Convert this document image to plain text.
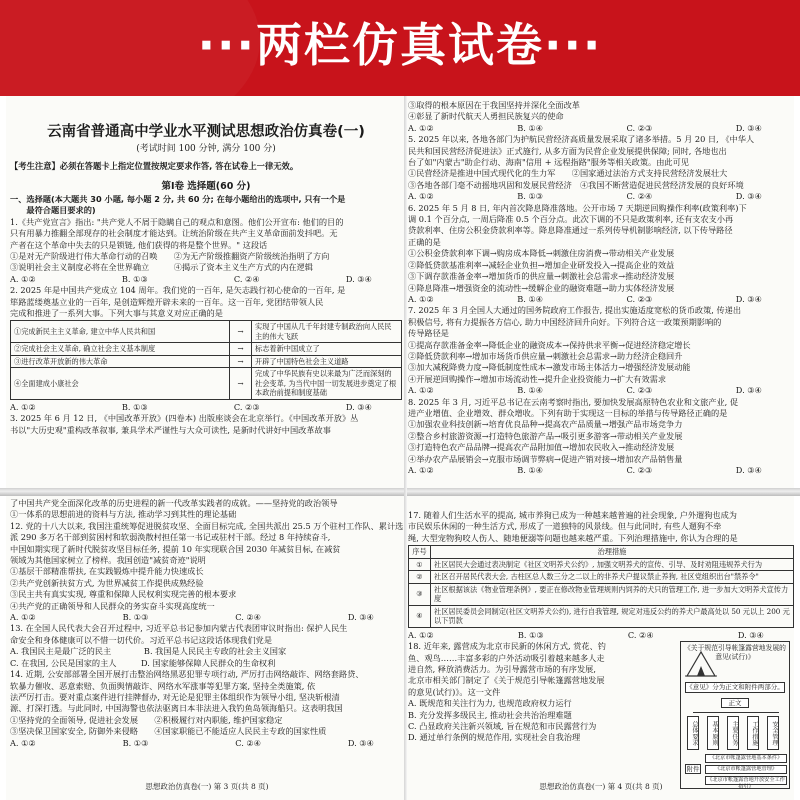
···两栏仿真试卷···
云南省普通高中学业水平测试思想政治仿真卷(一)
(考试时间 100 分钟, 满分 100 分)
【考生注意】必须在答题卡上指定位置按规定要求作答, 答在试卷上一律无效。
第Ⅰ卷 选择题(60 分)
一、选择题(本大题共 30 小题, 每小题 2 分, 共 60 分; 在每小题给出的选项中, 只有一个是
　　最符合题目要求的)
1.《共产党宣言》指出: "共产党人不屑于隐瞒自己的观点和意图。他们公开宣布: 他们的目的
只有用暴力推翻全部现存的社会制度才能达到。让统治阶级在共产主义革命面前发抖吧。无
产者在这个革命中失去的只是锁链, 他们获得的将是整个世界。" 这段话
①是对无产阶级进行伟大革命行动的召唤　　②为无产阶级推翻资产阶级统治指明了方向
③说明社会主义制度必将在全世界确立　　　④揭示了资本主义生产方式的内在逻辑
A. ①②	B. ①③	C. ②④	D. ③④
2. 2025 年是中国共产党成立 104 周年。我们党的一百年, 是矢志践行初心使命的一百年, 是
筚路蓝缕奠基立业的一百年, 是创造辉煌开辟未来的一百年。这一百年, 党团结带领人民
完成和推进了一系列大事。下列大事与其意义对应正确的是
①完成新民主主义革命, 建立中华人民共和国	→	实现了中国从几千年封建专制政治向人民民主的伟大飞跃
②完成社会主义革命, 确立社会主义基本制度	→	标志着新中国成立了
③进行改革开放新的伟大革命	→	开辟了中国特色社会主义道路
④全面建成小康社会	→	完成了中华民族有史以来最为广泛而深刻的社会变革, 为当代中国一切发展进步奠定了根本政治前提和制度基础
A. ①②	B. ①③	C. ②③	D. ③④
3. 2025 年 6 月 12 日, 《中国改革开放》(四卷本) 出版座谈会在北京举行。《中国改革开放》丛
书以"大历史观"重构改革叙事, 兼具学术严谨性与大众可读性, 是新时代讲好中国改革故事
③取得的根本原因在于我国坚持并深化全面改革
④彰显了新时代航天人勇担民族复兴的使命
A. ①②	B. ①④	C. ②③	D. ③④
5. 2025 年以来, 各地各部门为护航民营经济高质量发展采取了诸多举措。5 月 20 日, 《中华人
民共和国民营经济促进法》正式施行, 从多方面为民营企业发展提供保障; 同时, 各地也出
台了如"内蒙古"助企行动、海南"信用 + 远程指路"服务等相关政策。由此可见
①民营经济是推进中国式现代化的生力军　　②国家通过法治方式支持民营经济发展壮大
③各地各部门毫不动摇地巩固和发展民营经济　④我国不断营造促进民营经济发展的良好环境
A. ①②	B. ①③	C. ②④	D. ③④
6. 2025 年 5 月 8 日, 年内首次降息降准落地。公开市场 7 天期逆回购操作利率(政策利率)下
调 0.1 个百分点, 一周后降准 0.5 个百分点。此次下调的不只是政策利率, 还有支农支小再
贷款利率、住房公积金贷款利率等。降息降准通过一系列传导机制影响经济, 以下传导路径
正确的是
①公积金贷款利率下调→购房成本降低→刺激住房消费→带动相关产业发展
②降低贷款基准利率→减轻企业负担→增加企业研发投入→提高企业的效益
③下调存款准备金率→增加货币的供应量→刺激社会总需求→推动经济发展
④降息降准→增强资金的流动性→缓解企业的融资难题→助力实体经济发展
A. ①②	B. ①④	C. ②③	D. ③④
7. 2025 年 3 月全国人大通过的国务院政府工作报告, 提出实施适度宽松的货币政策, 传递出
积极信号, 将有力提振各方信心, 助力中国经济回升向好。下列符合这一政策预期影响的
传导路径是
①提高存款准备金率→降低企业的融资成本→保持供求平衡→促进经济稳定增长
②降低贷款利率→增加市场货币供应量→刺激社会总需求→助力经济企稳回升
③加大减税降费力度→降低制度性成本→激发市场主体活力→增强经济发展动能
④开展逆回购操作→增加市场流动性→提升企业投资能力→扩大有效需求
A. ①②	B. ①④	C. ②③	D. ③④
8. 2025 年 3 月, 习近平总书记在云南考察时指出, 要加快发展高原特色农业和文旅产业, 促
进产业增值、企业增效、群众增收。下列有助于实现这一目标的举措与传导路径正确的是
①加强农业科技创新→培育优良品种→提高农产品质量→增强产品市场竞争力
②整合乡村旅游资源→打造特色旅游产品→吸引更多游客→带动相关产业发展
③打造特色农产品品牌→提高农产品附加值→增加农民收入→推动经济发展
④举办农产品展销会→克服市场调节弊病→促进产销对接→增加农产品销售量
A. ①②	B. ①④	C. ②③	D. ③④
了中国共产党全面深化改革的历史进程的新一代改革实践者的成就。——坚持党的政治领导
①一体系的思想前进的资料与方法, 推动学习到其性的理论基础
12. 党的十八大以来, 我国注重统筹促进脱贫攻坚、全面目标完成, 全国共派出 25.5 万个驻村工作队、累计选
派 290 多万名干部到贫困村和软弱涣散村担任第一书记或驻村干部。经过 8 年持续奋斗,
中国如期实现了新时代脱贫攻坚目标任务, 提前 10 年实现联合国 2030 年减贫目标, 在减贫
领域为其他国家树立了榜样。我国创造"减贫奇迹"说明
①基层干部精准帮扶, 在实践锻炼中提升能力快速成长
②共产党创新扶贫方式, 为世界减贫工作提供成熟经验
③民主共有真实实现, 尊重和保障人民权利实现完善的根本要求
④共产党的正确领导和人民群众的务实奋斗实现高度统一
A. ①②	B. ①③	C. ②④	D. ③④
13. 在全国人民代表大会召开过程中, 习近平总书记参加内蒙古代表团审议时指出: 保护人民生
命安全和身体健康可以不惜一切代价。习近平总书记这段话体现我们党是
A. 我国民主是最广泛的民主　　　　B. 我国是人民民主专政的社会主义国家
C. 在我国, 公民是国家的主人　　　D. 国家能够保障人民群众的生命权利
14. 近期, 公安部部署全国开展打击整治网络黑恶犯罪专项行动, 严厉打击网络敲诈、网络套路贷、
软暴力催收、恶意索赔、负面舆情敲诈、网络水军涨事等犯罪方案, 坚持全类施策, 依
法严厉打击。要对重点案件进行挂牌督办, 对无论是犯罪主体组织作为领导小组, 坚决斩根清
源、打深打透。与此同时, 中国海警也依法驱离日本非法进入我钓鱼岛领海船只。这表明我国
①坚持党的全面领导, 促进社会发展　　②积极履行对内职能, 维护国家稳定
③坚决保卫国家安全, 防御外来侵略　　④国家职能已不能适应人民民主专政的国家性质
A. ①②	B. ①③	C. ②④	D. ③④
思想政治仿真卷(一) 第 3 页(共 8 页)
17. 随着人们生活水平的提高, 城市养狗已成为一种越来越普遍的社会现象, 户外遛狗也成为
市民娱乐休闲的一种生活方式, 形成了一道独特的风景线。但与此同时, 有些人遛狗不牵
绳, 大型宠物狗咬人伤人、随地便溺等问题也越来越严重。下列治理措施中, 你认为合理的是
序号	治理措施
①	社区居民大会通过表决制定《社区文明养犬公约》, 加强文明养犬的宣传、引导、及时劝阻违规养犬行为
②	社区召开居民代表大会, 古柱区总人数三分之二以上的非养犬户提议禁止养狗, 社区党组织出台"禁养令"
③	社区根据该法《物业管理条例》, 要正在修改物业管理规则内饲养的犬只的管理工作, 进一步加大文明养犬宣传力度
④	社区居民委员会同制定(社区文明养犬公约), 进行自我管理, 规定对违反公约的养犬户最高处以 50 元以上 200 元以下罚款
A. ①②	B. ①③	C. ②④	D. ③④
18. 近年来, 露营成为北京市民新的休闲方式, 赏花、钓
鱼、观鸟……丰富多彩的户外活动吸引着越来越多人走
进自然, 释放消费活力。为引导露营市场的有序发展,
北京市相关部门制定了《关于规范引导帐篷露营地发展
的意见(试行)》。这一文件
A. 既规范和关注行为力, 也规范政府权力运行
B. 充分发挥多级民主, 推动社会共治治理难题
C. 凸显政府关注新兴领域, 旨在规范和市民露营行为
D. 通过单行条例的规范作用, 实现社会自我治理
《关于规范引导帐篷露营地发展的意见(试行)》
《意见》分为正文和附件两部分。
正文
总体要求	基本原则	主要任务	工作措施	安全管理
附件
《北京市帐篷露营地基本条件》
《北京市帐篷露营地管理》
《北京市帐篷露营地开放安全工作指引》
思想政治仿真卷(一) 第 4 页(共 8 页)
